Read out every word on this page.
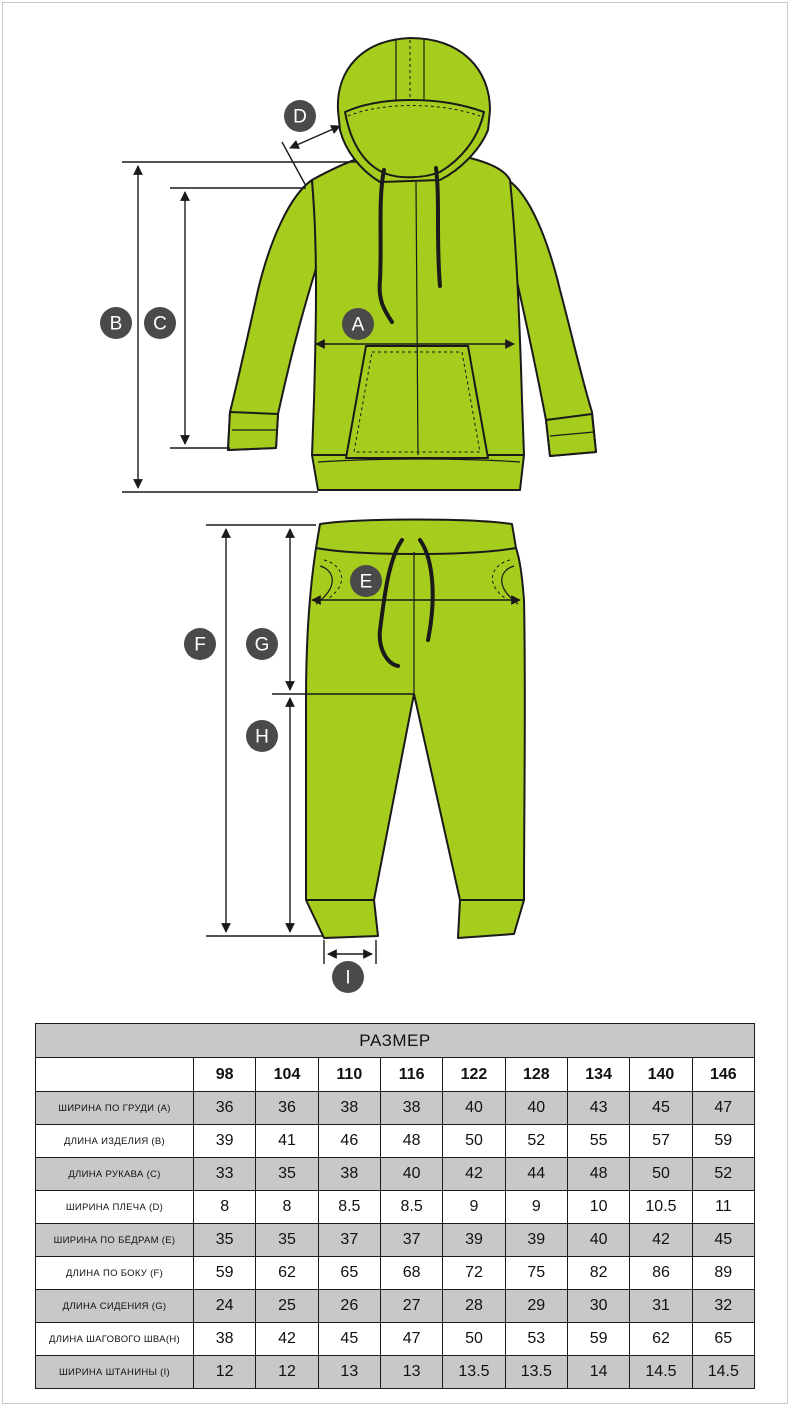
A
B C
D
E
F	G
H
I
РАЗМЕР									
	98	104	110	116	122	128	134	140	146
ШИРИНА ПО ГРУДИ (A)	36	36	38	38	40	40	43	45	47
ДЛИНА ИЗДЕЛИЯ (B)	39	41	46	48	50	52	55	57	59
ДЛИНА РУКАВА (C)	33	35	38	40	42	44	48	50	52
ШИРИНА ПЛЕЧА (D)	8	8	8.5	8.5	9	9	10	10.5	11
ШИРИНА ПО БЁДРАМ (E)	35	35	37	37	39	39	40	42	45
ДЛИНА ПО БОКУ (F)	59	62	65	68	72	75	82	86	89
ДЛИНА СИДЕНИЯ (G)	24	25	26	27	28	29	30	31	32
ДЛИНА ШАГОВОГО ШВА(H)	38	42	45	47	50	53	59	62	65
ШИРИНА ШТАНИНЫ (I)	12	12	13	13	13.5	13.5	14	14.5	14.5
